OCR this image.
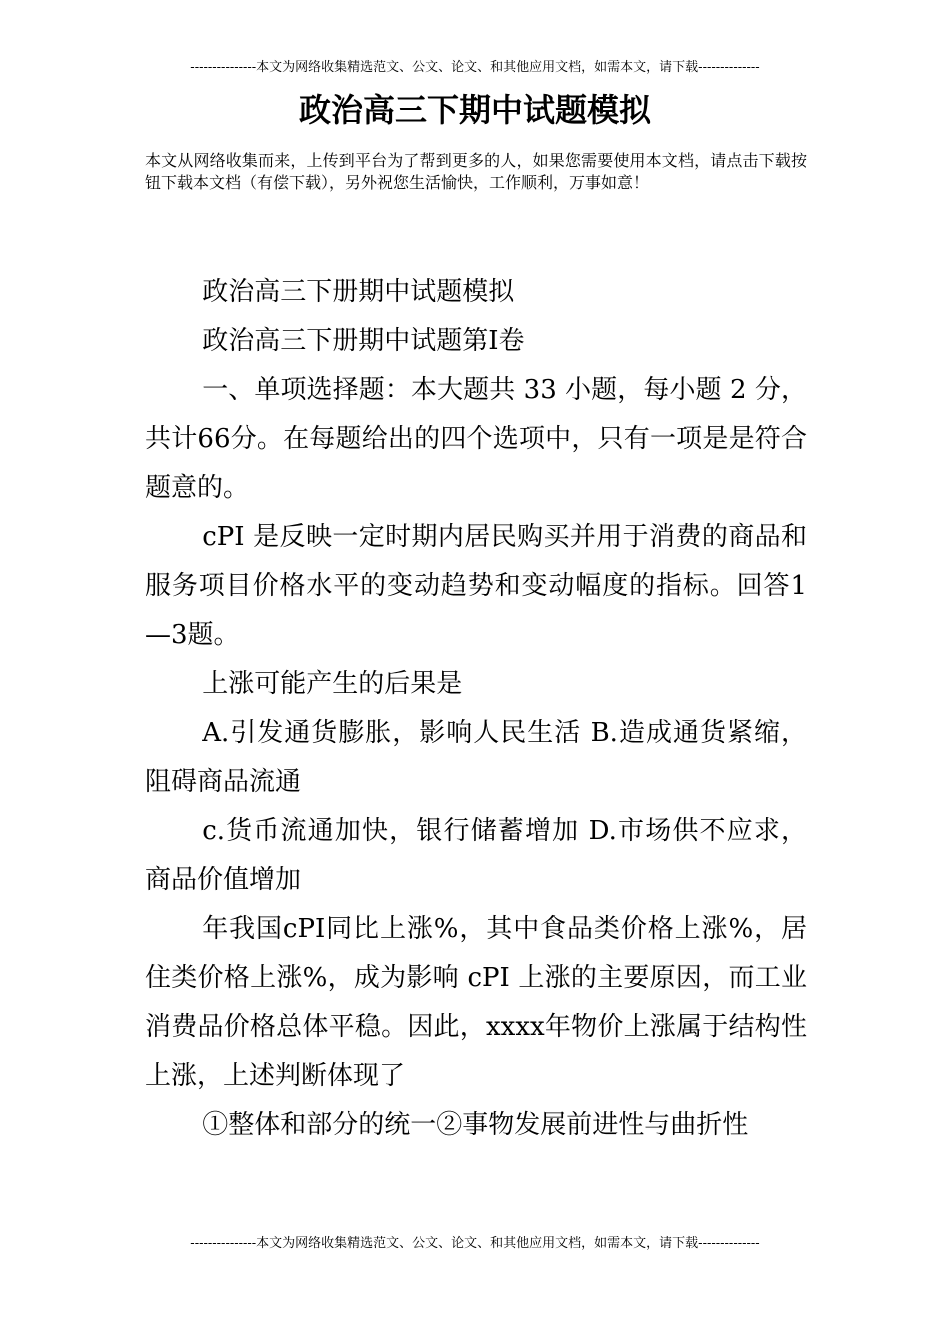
---------------本文为网络收集精选范文、公文、论文、和其他应用文档，如需本文，请下载--------------
政治高三下期中试题模拟

本文从网络收集而来，上传到平台为了帮到更多的人，如果您需要使用本文档，请点击下载按钮下载本文档（有偿下载），另外祝您生活愉快，工作顺利，万事如意！

政治高三下册期中试题模拟

政治高三下册期中试题第Ⅰ卷

一、单项选择题：本大题共 33 小题，每小题 2 分，共计66分。在每题给出的四个选项中，只有一项是是符合题意的。

cPI 是反映一定时期内居民购买并用于消费的商品和服务项目价格水平的变动趋势和变动幅度的指标。回答1—3题。

上涨可能产生的后果是

A.引发通货膨胀，影响人民生活 B.造成通货紧缩，阻碍商品流通

c.货币流通加快，银行储蓄增加 D.市场供不应求，商品价值增加

年我国cPI同比上涨%，其中食品类价格上涨%，居住类价格上涨%，成为影响 cPI 上涨的主要原因，而工业消费品价格总体平稳。因此，xxxx年物价上涨属于结构性上涨，上述判断体现了

①整体和部分的统一②事物发展前进性与曲折性

---------------本文为网络收集精选范文、公文、论文、和其他应用文档，如需本文，请下载--------------
